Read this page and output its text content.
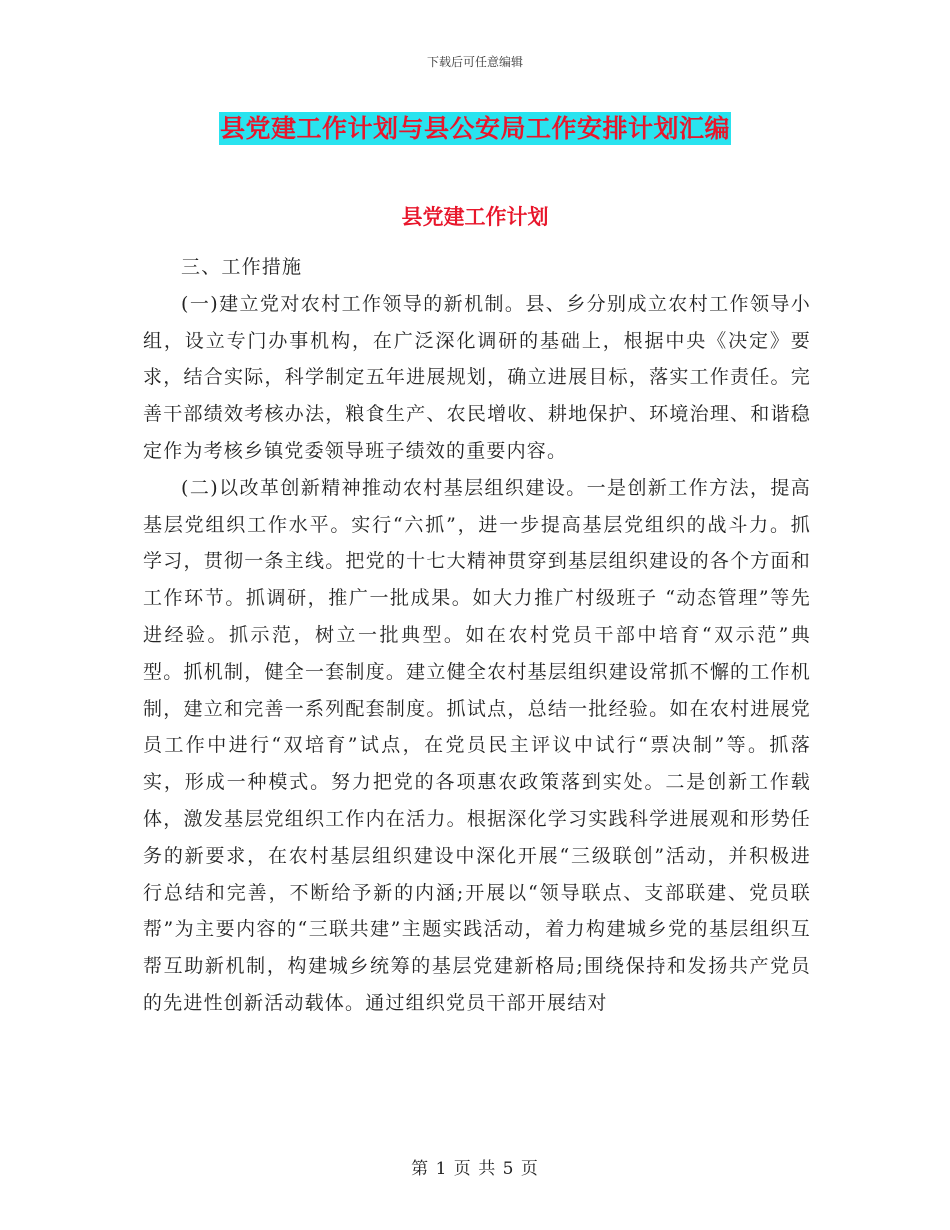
下载后可任意编辑
县党建工作计划与县公安局工作安排计划汇编
县党建工作计划

三、工作措施

(一)建立党对农村工作领导的新机制。县、乡分别成立农村工作领导小组，设立专门办事机构，在广泛深化调研的基础上，根据中央《决定》要求，结合实际，科学制定五年进展规划，确立进展目标，落实工作责任。完善干部绩效考核办法，粮食生产、农民增收、耕地保护、环境治理、和谐稳定作为考核乡镇党委领导班子绩效的重要内容。

(二)以改革创新精神推动农村基层组织建设。一是创新工作方法，提高基层党组织工作水平。实行“六抓”，进一步提高基层党组织的战斗力。抓学习，贯彻一条主线。把党的十七大精神贯穿到基层组织建设的各个方面和工作环节。抓调研，推广一批成果。如大力推广村级班子 “动态管理”等先进经验。抓示范，树立一批典型。如在农村党员干部中培育“双示范”典型。抓机制，健全一套制度。建立健全农村基层组织建设常抓不懈的工作机制，建立和完善一系列配套制度。抓试点，总结一批经验。如在农村进展党员工作中进行“双培育”试点，在党员民主评议中试行“票决制”等。抓落实，形成一种模式。努力把党的各项惠农政策落到实处。二是创新工作载体，激发基层党组织工作内在活力。根据深化学习实践科学进展观和形势任务的新要求，在农村基层组织建设中深化开展“三级联创”活动，并积极进行总结和完善，不断给予新的内涵;开展以“领导联点、支部联建、党员联帮”为主要内容的“三联共建”主题实践活动，着力构建城乡党的基层组织互帮互助新机制，构建城乡统筹的基层党建新格局;围绕保持和发扬共产党员的先进性创新活动载体。通过组织党员干部开展结对

第 1 页 共 5 页
